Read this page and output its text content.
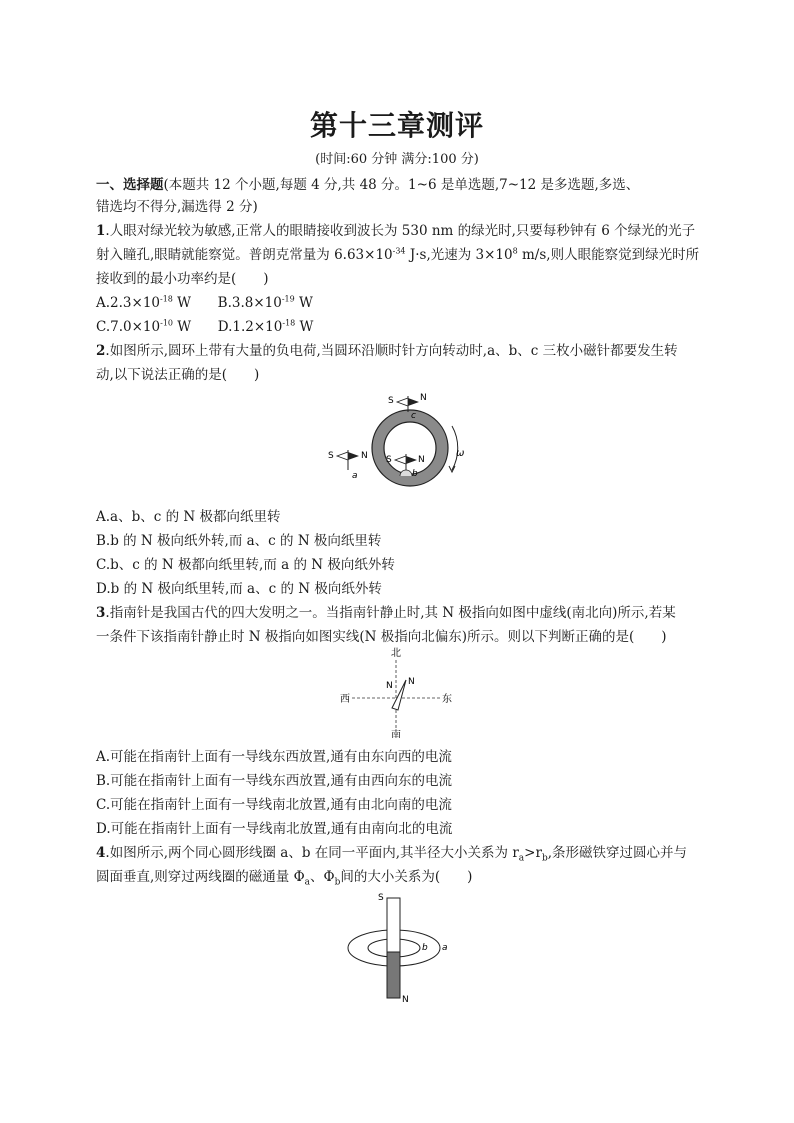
第十三章测评
(时间:60 分钟 满分:100 分)
一、选择题(本题共 12 个小题,每题 4 分,共 48 分。1~6 是单选题,7~12 是多选题,多选、
错选均不得分,漏选得 2 分)
1.人眼对绿光较为敏感,正常人的眼睛接收到波长为 530 nm 的绿光时,只要每秒钟有 6 个绿光的光子
射入瞳孔,眼睛就能察觉。普朗克常量为 $6.63\times 10^{-34}$ J·s,光速为 $3\times 10^8$ m/s,则人眼能察觉到绿光时所
接收到的最小功率约是(　　)
$A.2.3\times 10^{-18}$ W $B.3.8\times 10^{-19}$ W
$C.7.0\times 10^{-10}$ W $D.1.2\times 10^{-18}$ W
2.如图所示,圆环上带有大量的负电荷,当圆环沿顺时针方向转动时,a、b、c 三枚小磁针都要发生转
动,以下说法正确的是(　　)
ω
S	N
c
S	N
a
S	N
b
A.a、b、c 的 N 极都向纸里转
B.b 的 N 极向纸外转,而 a、c 的 N 极向纸里转
C.b、c 的 N 极都向纸里转,而 a 的 N 极向纸外转
D.b 的 N 极向纸里转,而 a、c 的 N 极向纸外转
3.指南针是我国古代的四大发明之一。当指南针静止时,其 N 极指向如图中虚线(南北向)所示,若某
一条件下该指南针静止时 N 极指向如图实线(N 极指向北偏东)所示。则以下判断正确的是(　　)
北
南
西	东
N N
A.可能在指南针上面有一导线东西放置,通有由东向西的电流
B.可能在指南针上面有一导线东西放置,通有由西向东的电流
C.可能在指南针上面有一导线南北放置,通有由北向南的电流
D.可能在指南针上面有一导线南北放置,通有由南向北的电流
4.如图所示,两个同心圆形线圈 a、b 在同一平面内,其半径大小关系为 $r_a>r_b$,条形磁铁穿过圆心并与
圆面垂直,则穿过两线圈的磁通量 $\Phi_a$、$\Phi_b$间的大小关系为(　　)
S
N
b a
